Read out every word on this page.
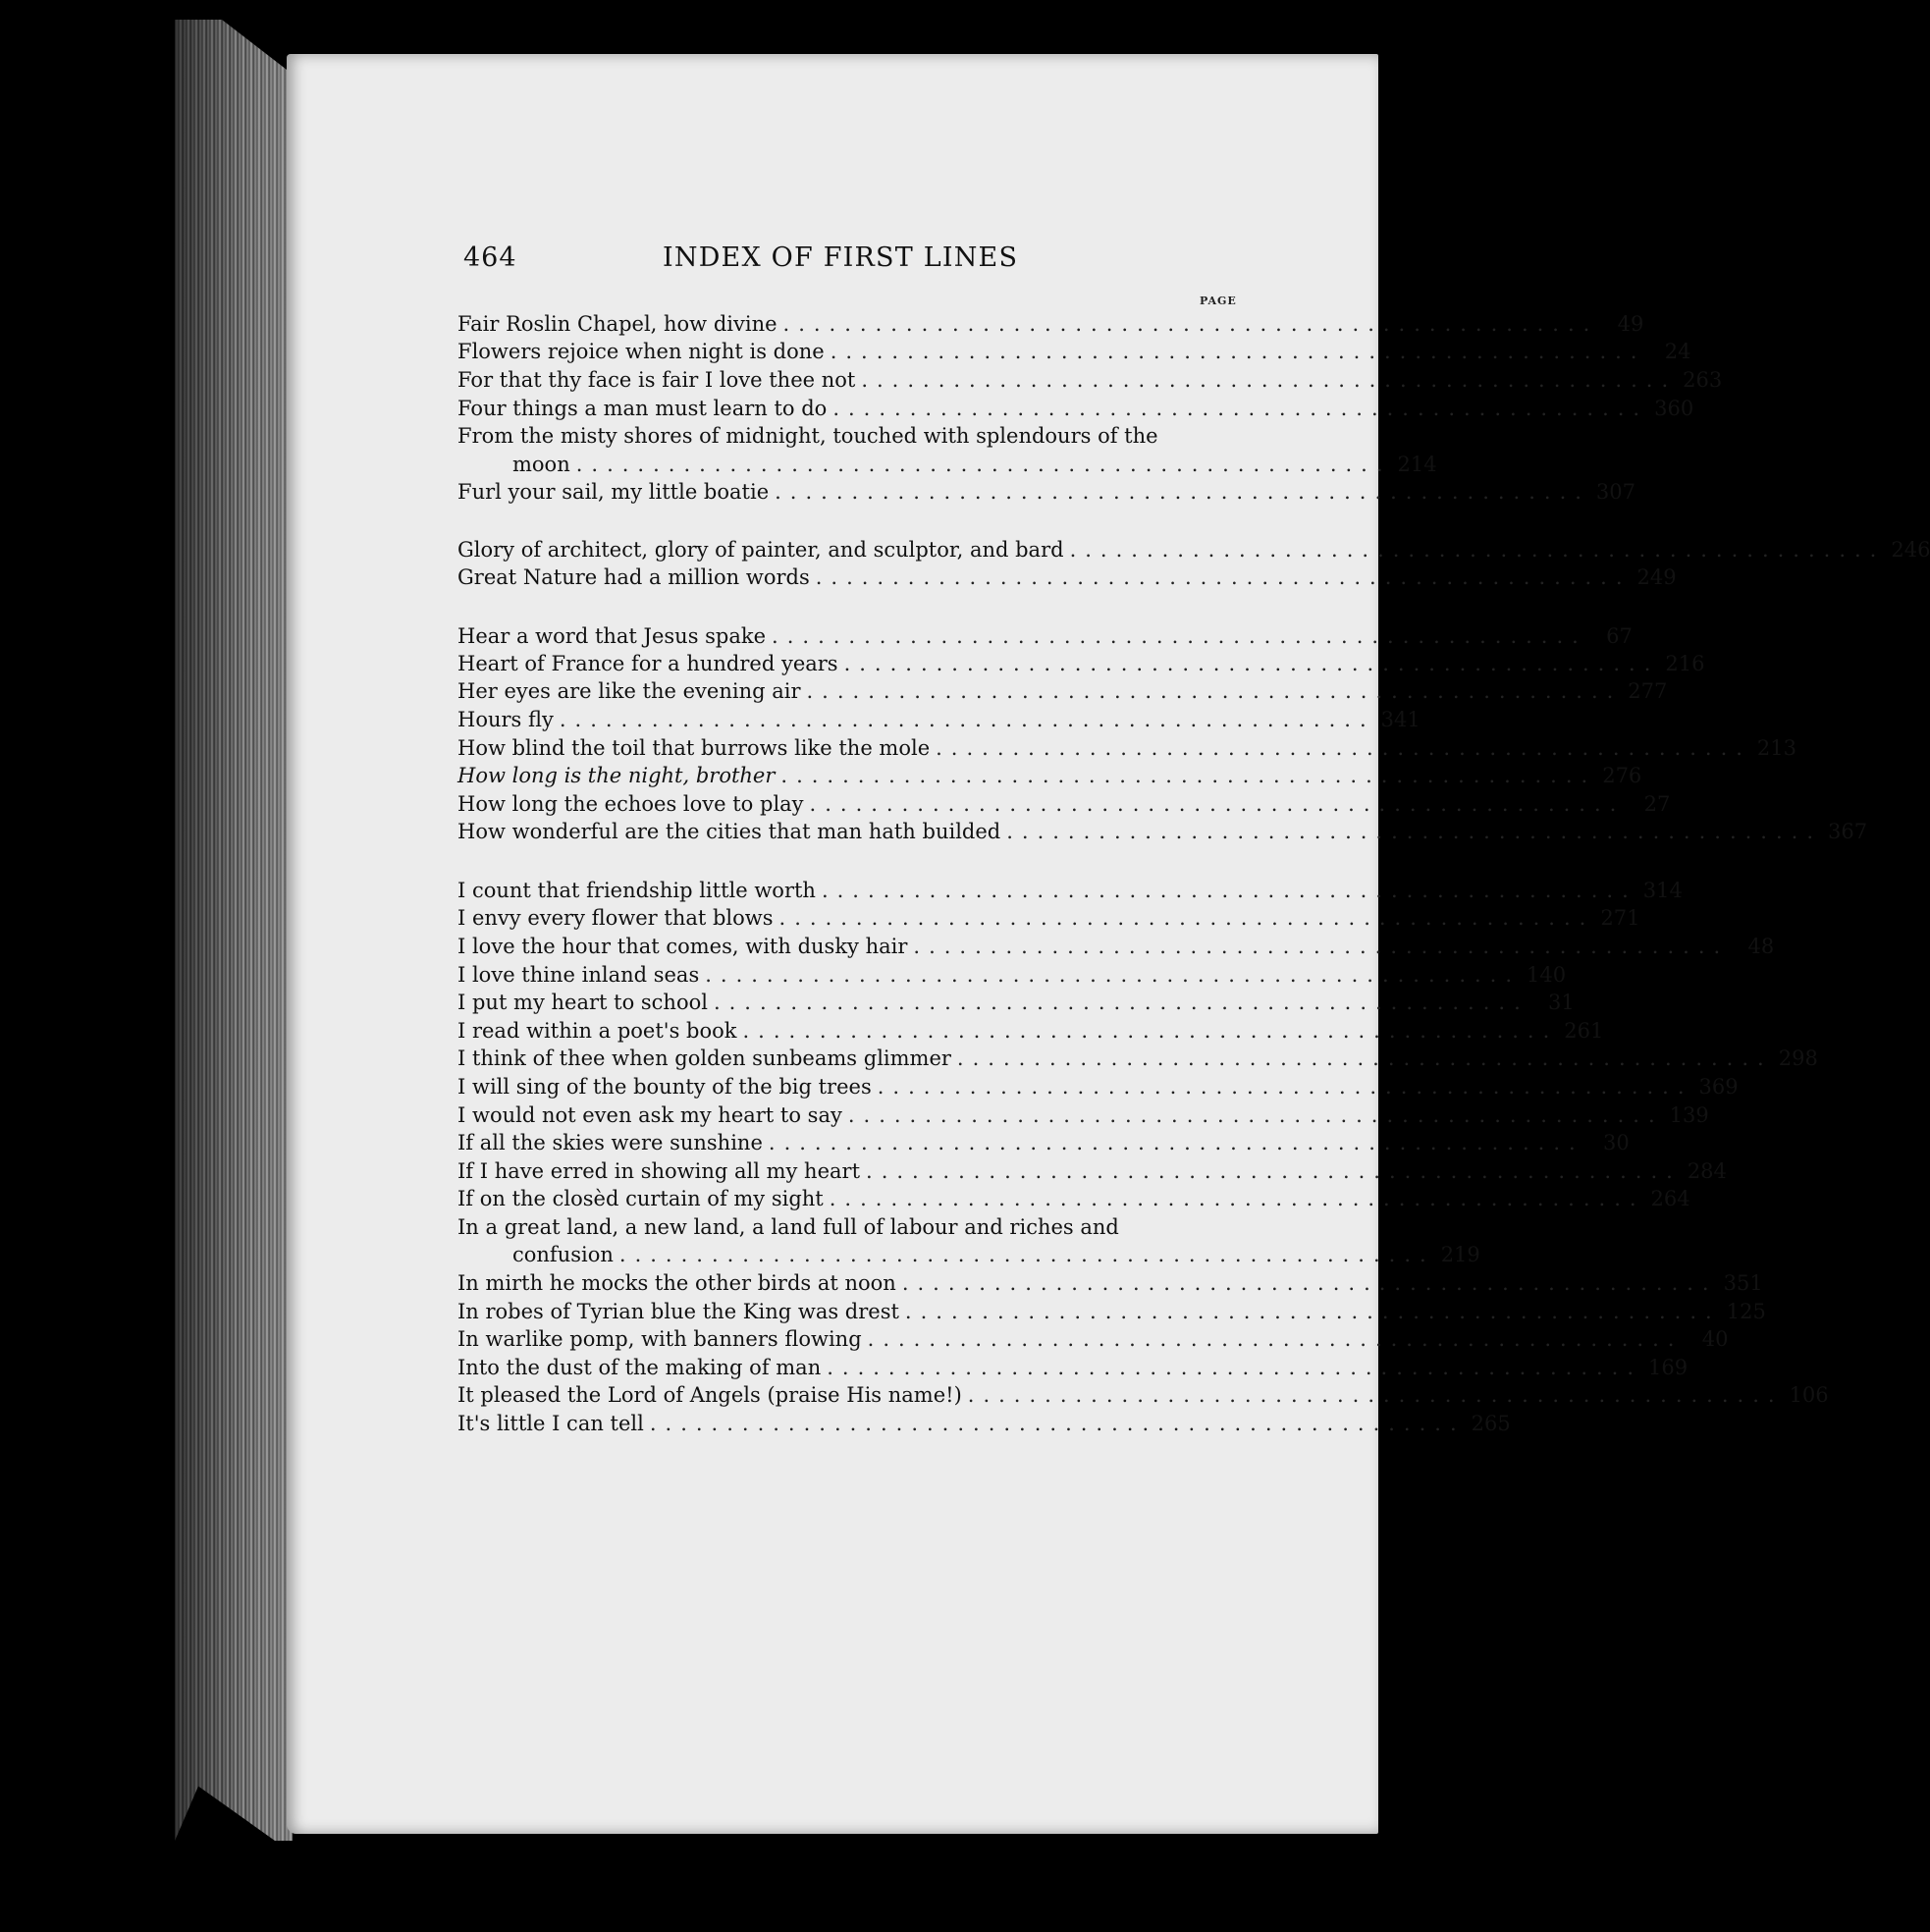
464	INDEX OF FIRST LINES
PAGE
Fair Roslin Chapel, how divine ..................................................... 49
Flowers rejoice when night is done ..................................................... 24
For that thy face is fair I love thee not ..................................................... 263
Four things a man must learn to do ..................................................... 360
From the misty shores of midnight, touched with splendours of the
moon ..................................................... 214
Furl your sail, my little boatie ..................................................... 307
Glory of architect, glory of painter, and sculptor, and bard ..................................................... 246
Great Nature had a million words ..................................................... 249
Hear a word that Jesus spake ..................................................... 67
Heart of France for a hundred years ..................................................... 216
Her eyes are like the evening air ..................................................... 277
Hours fly ..................................................... 341
How blind the toil that burrows like the mole ..................................................... 213
How long is the night, brother ..................................................... 276
How long the echoes love to play ..................................................... 27
How wonderful are the cities that man hath builded ..................................................... 367
I count that friendship little worth ..................................................... 314
I envy every flower that blows ..................................................... 271
I love the hour that comes, with dusky hair ..................................................... 48
I love thine inland seas ..................................................... 140
I put my heart to school ..................................................... 31
I read within a poet's book ..................................................... 261
I think of thee when golden sunbeams glimmer ..................................................... 298
I will sing of the bounty of the big trees ..................................................... 369
I would not even ask my heart to say ..................................................... 139
If all the skies were sunshine ..................................................... 30
If I have erred in showing all my heart ..................................................... 284
If on the closèd curtain of my sight ..................................................... 264
In a great land, a new land, a land full of labour and riches and
confusion ..................................................... 219
In mirth he mocks the other birds at noon ..................................................... 351
In robes of Tyrian blue the King was drest ..................................................... 125
In warlike pomp, with banners flowing ..................................................... 40
Into the dust of the making of man ..................................................... 169
It pleased the Lord of Angels (praise His name!) ..................................................... 106
It's little I can tell ..................................................... 265
